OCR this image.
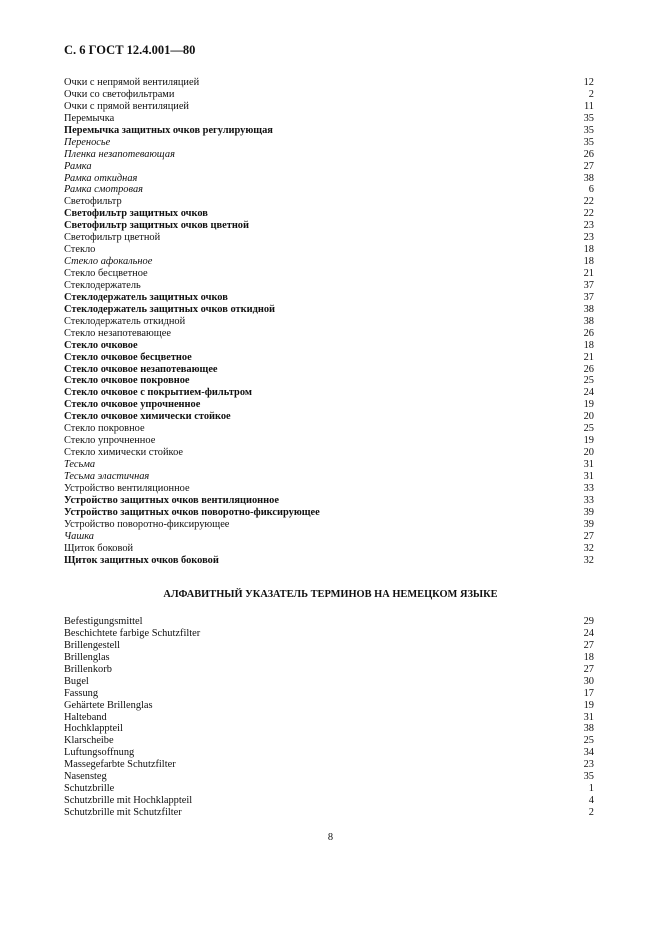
С. 6 ГОСТ 12.4.001—80
Очки с непрямой вентиляцией	12
Очки со светофильтрами	2
Очки с прямой вентиляцией	11
Перемычка	35
Перемычка защитных очков регулирующая	35
Переносье	35
Пленка незапотевающая	26
Рамка	27
Рамка откидная	38
Рамка смотровая	6
Светофильтр	22
Светофильтр защитных очков	22
Светофильтр защитных очков цветной	23
Светофильтр цветной	23
Стекло	18
Стекло афокальное	18
Стекло бесцветное	21
Стеклодержатель	37
Стеклодержатель защитных очков	37
Стеклодержатель защитных очков откидной	38
Стеклодержатель откидной	38
Стекло незапотевающее	26
Стекло очковое	18
Стекло очковое бесцветное	21
Стекло очковое незапотевающее	26
Стекло очковое покровное	25
Стекло очковое с покрытием-фильтром	24
Стекло очковое упрочненное	19
Стекло очковое химически стойкое	20
Стекло покровное	25
Стекло упрочненное	19
Стекло химически стойкое	20
Тесьма	31
Тесьма эластичная	31
Устройство вентиляционное	33
Устройство защитных очков вентиляционное	33
Устройство защитных очков поворотно-фиксирующее	39
Устройство поворотно-фиксирующее	39
Чашка	27
Щиток боковой	32
Щиток защитных очков боковой	32
АЛФАВИТНЫЙ УКАЗАТЕЛЬ ТЕРМИНОВ НА НЕМЕЦКОМ ЯЗЫКЕ
Befestigungsmittel	29
Beschichtete farbige Schutzfilter	24
Brillengestell	27
Brillenglas	18
Brillenkorb	27
Bugel	30
Fassung	17
Gehärtete Brillenglas	19
Halteband	31
Hochklappteil	38
Klarscheibe	25
Luftungsoffnung	34
Massegefarbte Schutzfilter	23
Nasensteg	35
Schutzbrille	1
Schutzbrille mit Hochklappteil	4
Schutzbrille mit Schutzfilter	2
8
